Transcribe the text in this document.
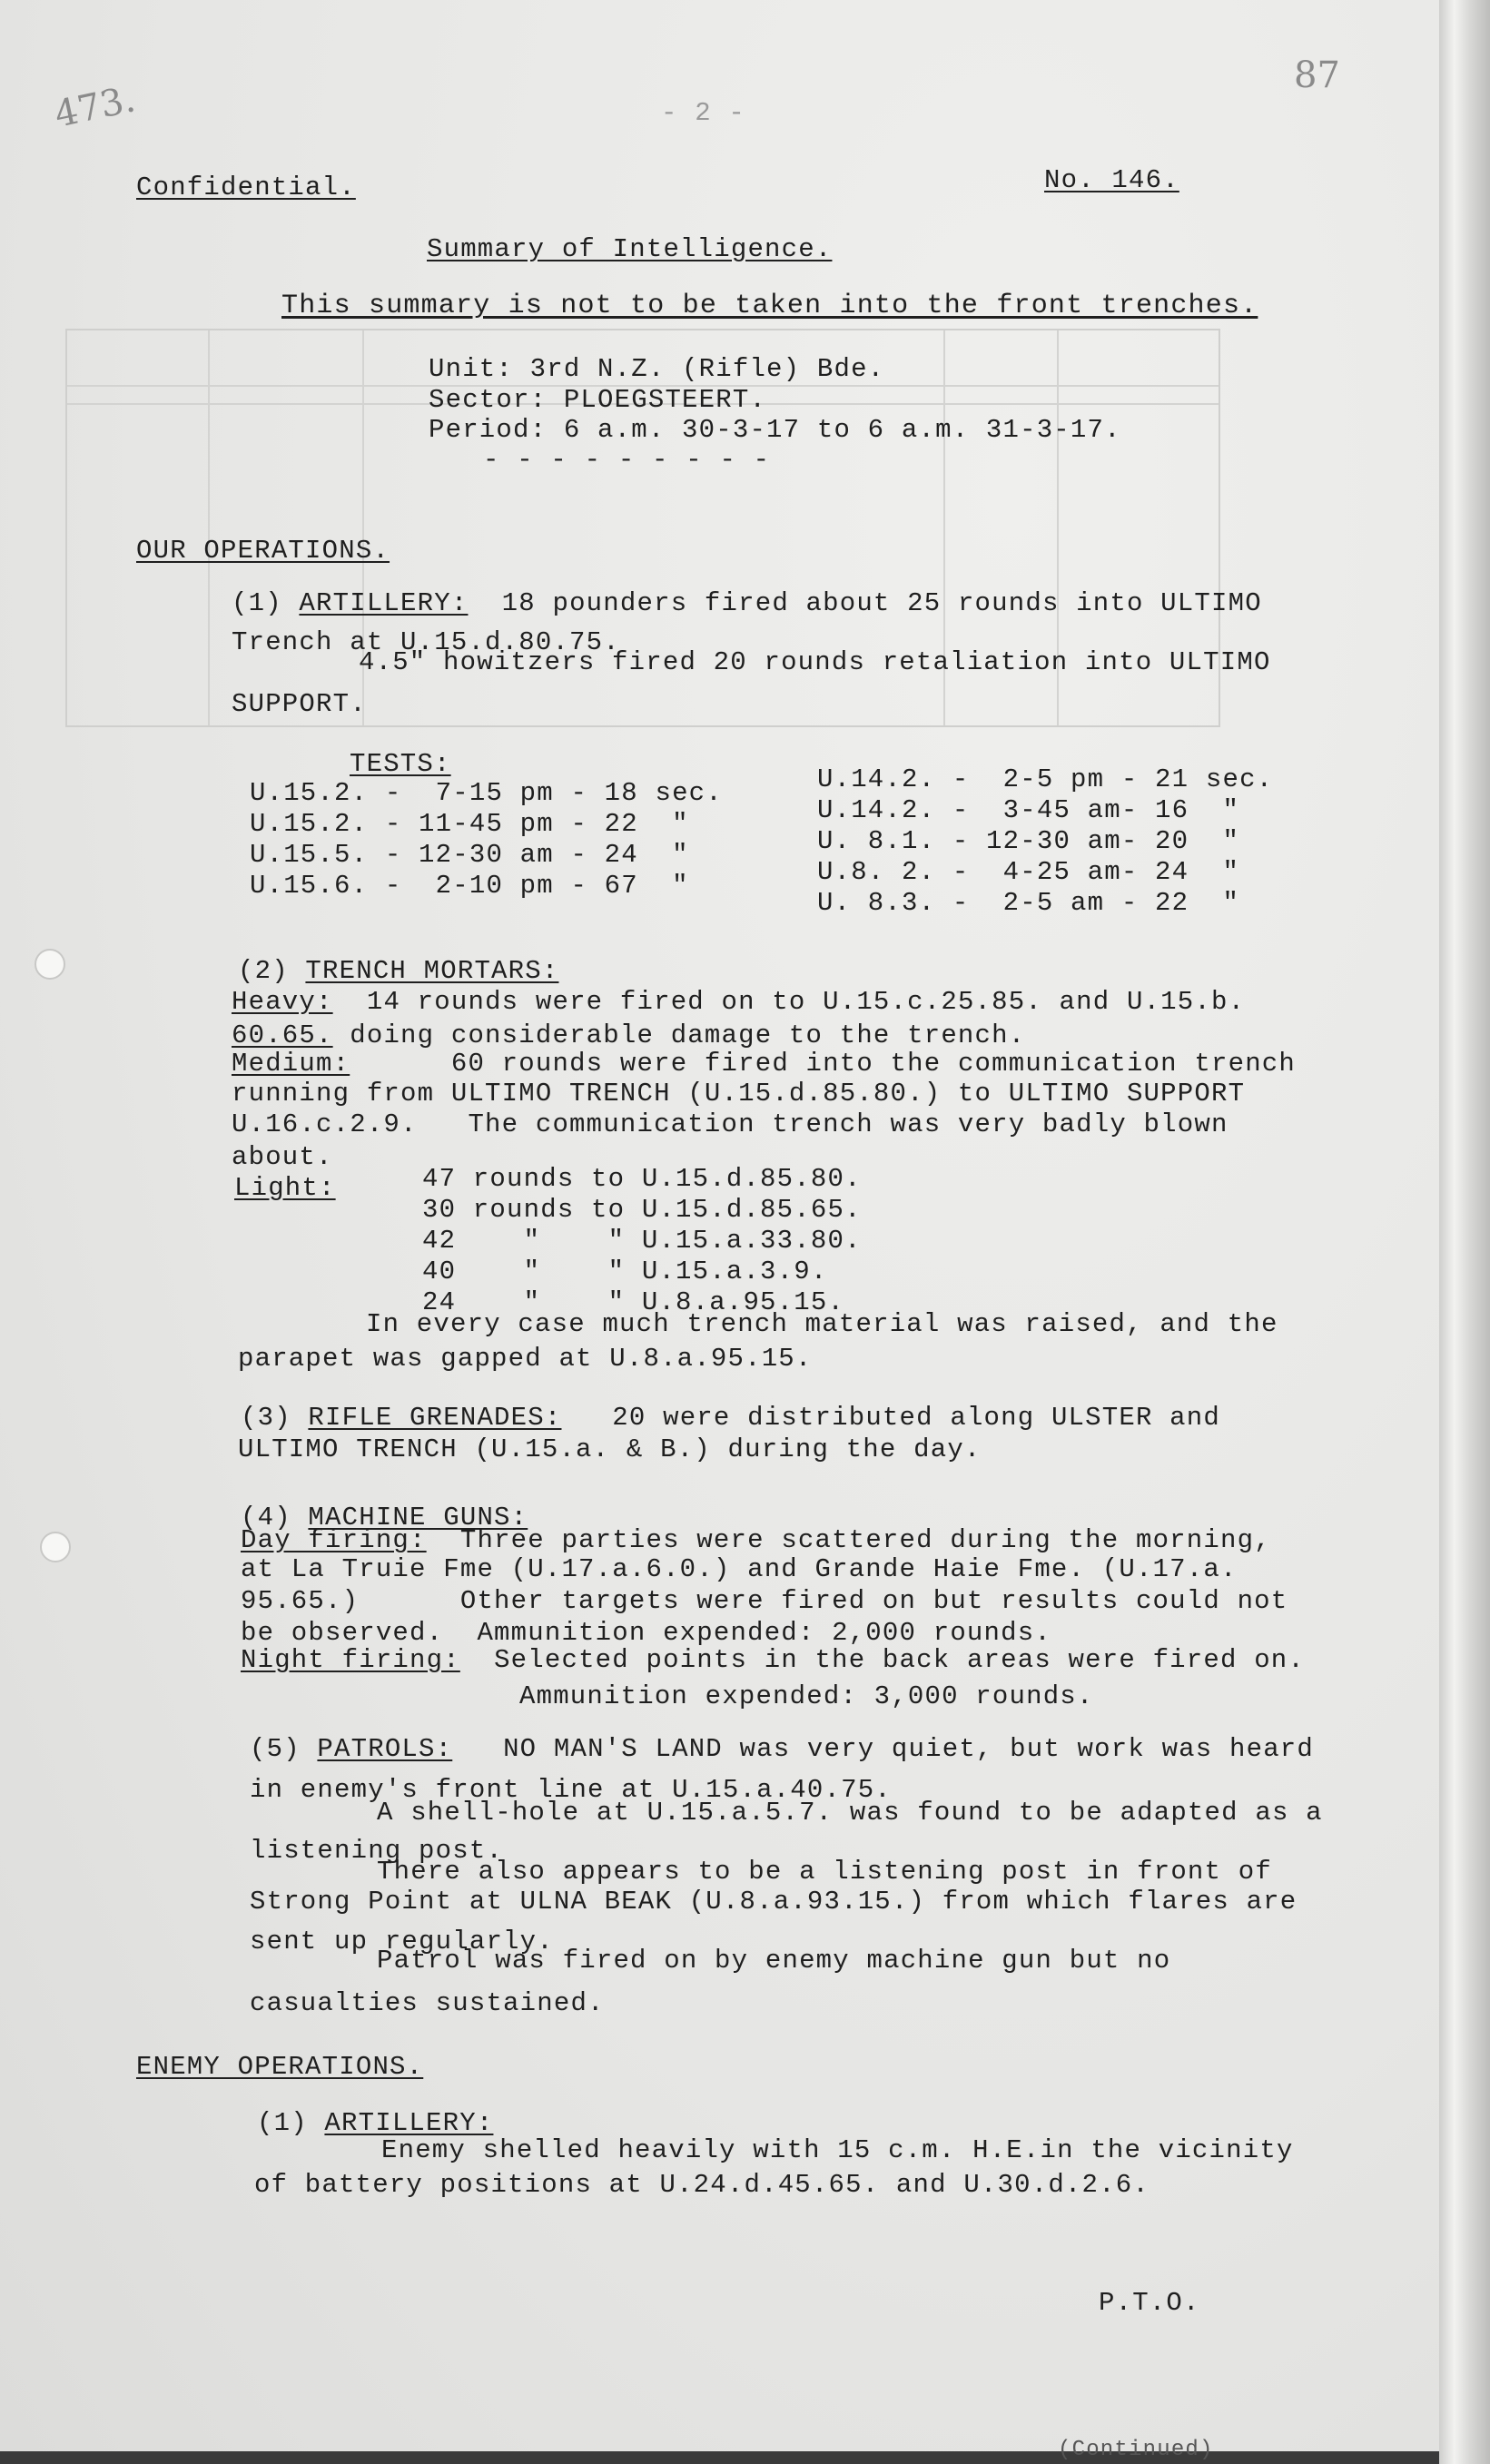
87
473.	- 2 -
Confidential.	No. 146.
Summary of Intelligence.
This summary is not to be taken into the front trenches.
Unit: 3rd N.Z. (Rifle) Bde.
Sector: PLOEGSTEERT.
Period: 6 a.m. 30-3-17 to 6 a.m. 31-3-17.
- - - - - - - - -
OUR OPERATIONS.
(1) ARTILLERY: 18 pounders fired about 25 rounds into ULTIMO
Trench at U.15.d.80.75.
4.5" howitzers fired 20 rounds retaliation into ULTIMO
SUPPORT.
TESTS:
U.15.2. -  7-15 pm - 18 sec.
U.15.2. - 11-45 pm - 22  "
U.15.5. - 12-30 am - 24  "
U.15.6. -  2-10 pm - 67  "
U.14.2. -  2-5 pm - 21 sec.
U.14.2. -  3-45 am- 16  "
U. 8.1. - 12-30 am- 20  "
U.8. 2. -  4-25 am- 24  "
U. 8.3. -  2-5 am - 22  "
(2) TRENCH MORTARS:
Heavy: 14 rounds were fired on to U.15.c.25.85. and U.15.b.
60.65. doing considerable damage to the trench.
Medium:	60 rounds were fired into the communication trench
running from ULTIMO TRENCH (U.15.d.85.80.) to ULTIMO SUPPORT
U.16.c.2.9.   The communication trench was very badly blown
about.
Light:	47 rounds to U.15.d.85.80.
30 rounds to U.15.d.85.65.
42    "    " U.15.a.33.80.
40    "    " U.15.a.3.9.
24    "    " U.8.a.95.15.
In every case much trench material was raised, and the
parapet was gapped at U.8.a.95.15.
(3) RIFLE GRENADES: 20 were distributed along ULSTER and
ULTIMO TRENCH (U.15.a. & B.) during the day.
(4) MACHINE GUNS:
Day firing: Three parties were scattered during the morning,
at La Truie Fme (U.17.a.6.0.) and Grande Haie Fme. (U.17.a.
95.65.)      Other targets were fired on but results could not
be observed.  Ammunition expended: 2,000 rounds.
Night firing: Selected points in the back areas were fired on.
Ammunition expended: 3,000 rounds.
(5) PATROLS: NO MAN'S LAND was very quiet, but work was heard
in enemy's front line at U.15.a.40.75.
A shell-hole at U.15.a.5.7. was found to be adapted as a
listening post.
There also appears to be a listening post in front of
Strong Point at ULNA BEAK (U.8.a.93.15.) from which flares are
sent up regularly.
Patrol was fired on by enemy machine gun but no
casualties sustained.
ENEMY OPERATIONS.
(1) ARTILLERY:
Enemy shelled heavily with 15 c.m. H.E.in the vicinity
of battery positions at U.24.d.45.65. and U.30.d.2.6.
P.T.O.
(Continued)
